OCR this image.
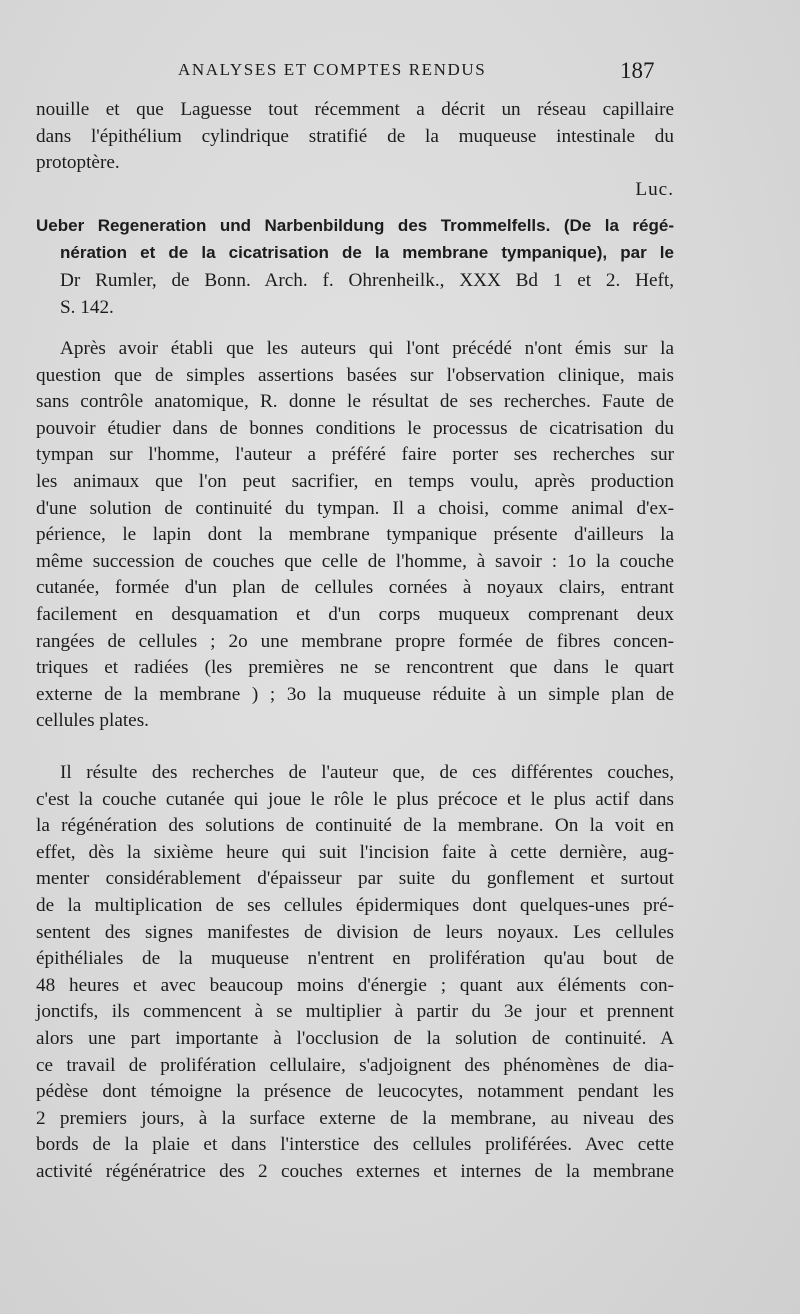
ANALYSES ET COMPTES RENDUS	187
nouille et que Laguesse tout récemment a décrit un réseau capillaire
dans l'épithélium cylindrique stratifié de la muqueuse intestinale du
protoptère.
Luc.
Ueber Regeneration und Narbenbildung des Trommelfells. (De la régé-
nération et de la cicatrisation de la membrane tympanique), par le
Dr Rumler, de Bonn. Arch. f. Ohrenheilk., XXX Bd 1 et 2. Heft,
S. 142.
Après avoir établi que les auteurs qui l'ont précédé n'ont émis sur la
question que de simples assertions basées sur l'observation clinique, mais
sans contrôle anatomique, R. donne le résultat de ses recherches. Faute de
pouvoir étudier dans de bonnes conditions le processus de cicatrisation du
tympan sur l'homme, l'auteur a préféré faire porter ses recherches sur
les animaux que l'on peut sacrifier, en temps voulu, après production
d'une solution de continuité du tympan. Il a choisi, comme animal d'ex-
périence, le lapin dont la membrane tympanique présente d'ailleurs la
même succession de couches que celle de l'homme, à savoir : 1o la couche
cutanée, formée d'un plan de cellules cornées à noyaux clairs, entrant
facilement en desquamation et d'un corps muqueux comprenant deux
rangées de cellules ; 2o une membrane propre formée de fibres concen-
triques et radiées (les premières ne se rencontrent que dans le quart
externe de la membrane ) ; 3o la muqueuse réduite à un simple plan de
cellules plates.
Il résulte des recherches de l'auteur que, de ces différentes couches,
c'est la couche cutanée qui joue le rôle le plus précoce et le plus actif dans
la régénération des solutions de continuité de la membrane. On la voit en
effet, dès la sixième heure qui suit l'incision faite à cette dernière, aug-
menter considérablement d'épaisseur par suite du gonflement et surtout
de la multiplication de ses cellules épidermiques dont quelques-unes pré-
sentent des signes manifestes de division de leurs noyaux. Les cellules
épithéliales de la muqueuse n'entrent en prolifération qu'au bout de
48 heures et avec beaucoup moins d'énergie ; quant aux éléments con-
jonctifs, ils commencent à se multiplier à partir du 3e jour et prennent
alors une part importante à l'occlusion de la solution de continuité. A
ce travail de prolifération cellulaire, s'adjoignent des phénomènes de dia-
pédèse dont témoigne la présence de leucocytes, notamment pendant les
2 premiers jours, à la surface externe de la membrane, au niveau des
bords de la plaie et dans l'interstice des cellules proliférées. Avec cette
activité régénératrice des 2 couches externes et internes de la membrane
